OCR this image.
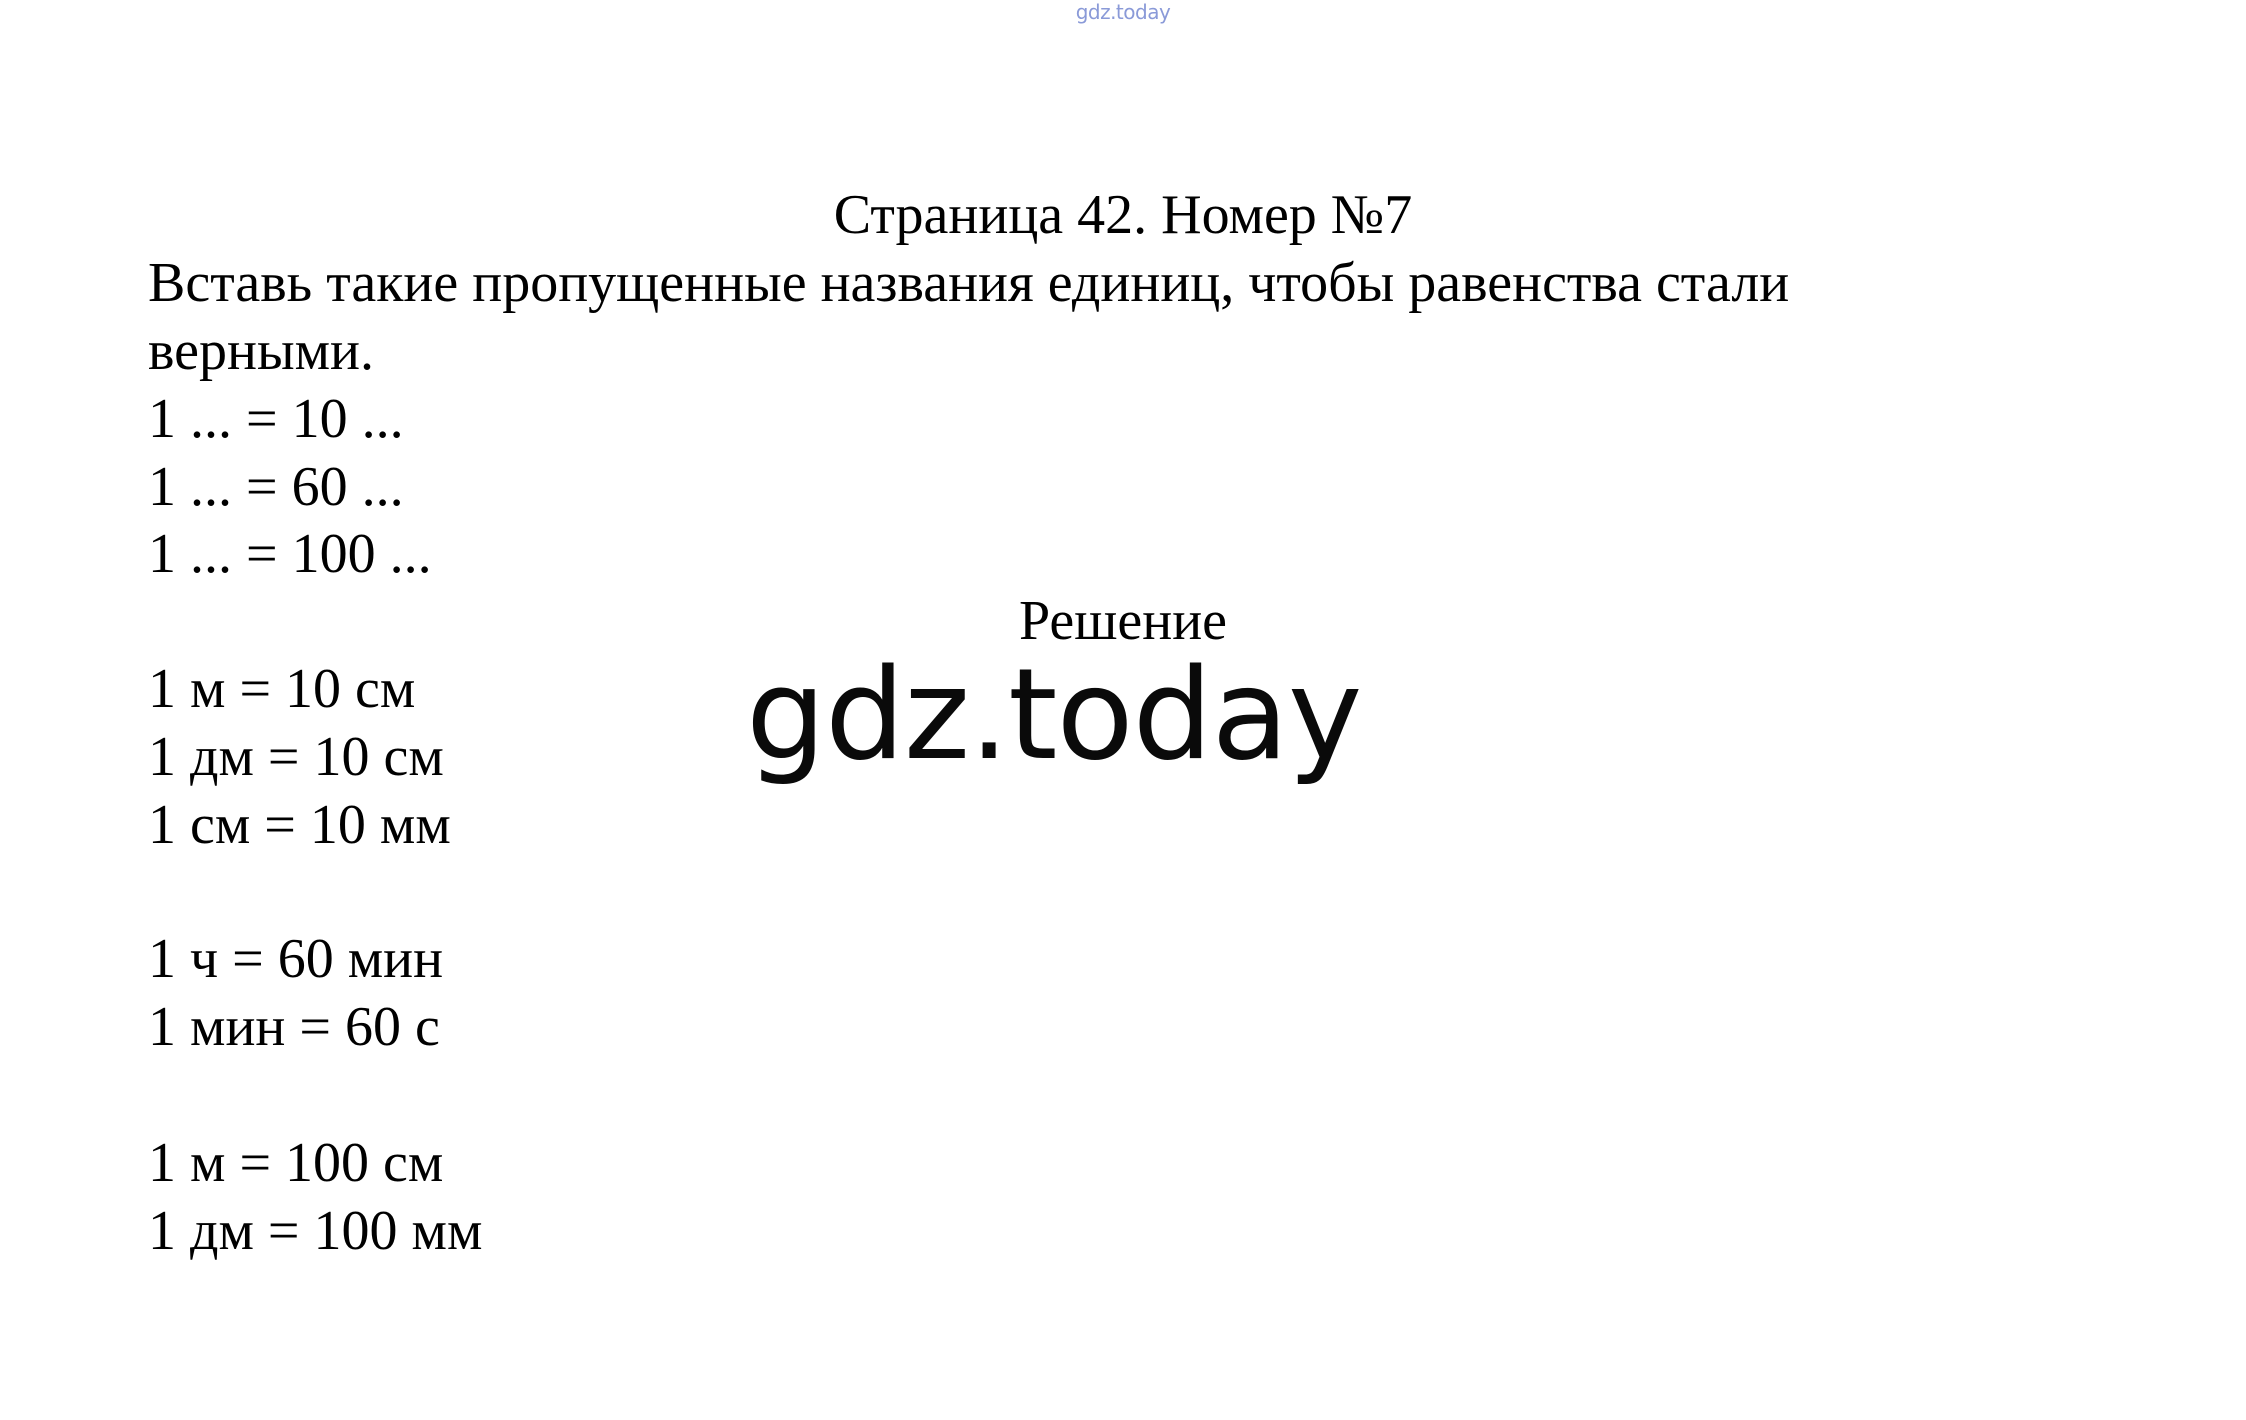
gdz.today
Страница 42. Номер №7
Вставь такие пропущенные названия единиц, чтобы равенства стали
верными.
1 ... = 10 ...
1 ... = 60 ...
1 ... = 100 ...
Решение
gdz.today
1 м = 10 см
1 дм = 10 см
1 см = 10 мм
1 ч = 60 мин
1 мин = 60 с
1 м = 100 см
1 дм = 100 мм
